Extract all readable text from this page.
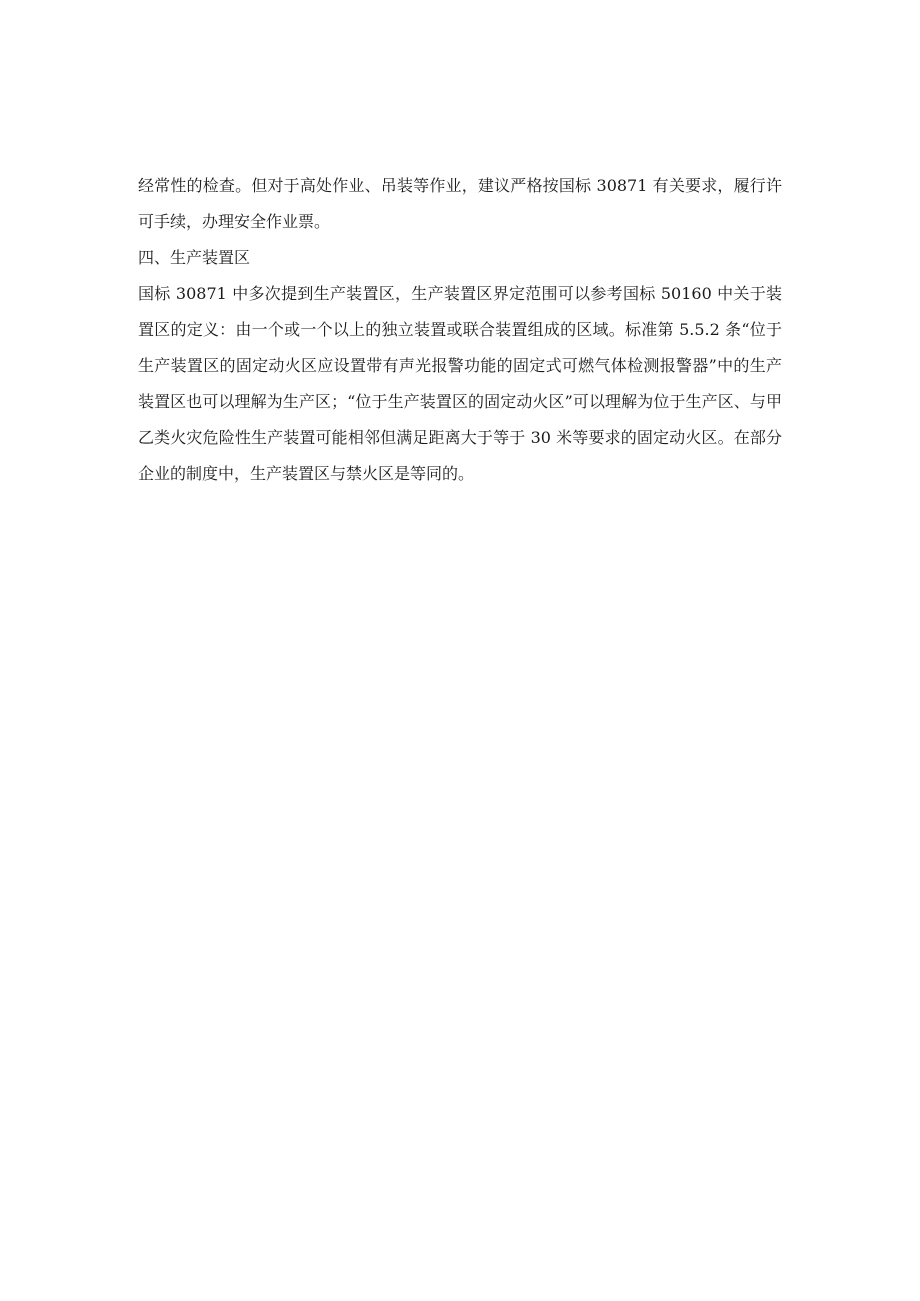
经常性的检查。但对于高处作业、吊装等作业，建议严格按国标 30871 有关要求，履行许可手续，办理安全作业票。

四、生产装置区

国标 30871 中多次提到生产装置区，生产装置区界定范围可以参考国标 50160 中关于装置区的定义：由一个或一个以上的独立装置或联合装置组成的区域。标准第 5.5.2 条“位于生产装置区的固定动火区应设置带有声光报警功能的固定式可燃气体检测报警器”中的生产装置区也可以理解为生产区；“位于生产装置区的固定动火区”可以理解为位于生产区、与甲乙类火灾危险性生产装置可能相邻但满足距离大于等于 30 米等要求的固定动火区。在部分企业的制度中，生产装置区与禁火区是等同的。
